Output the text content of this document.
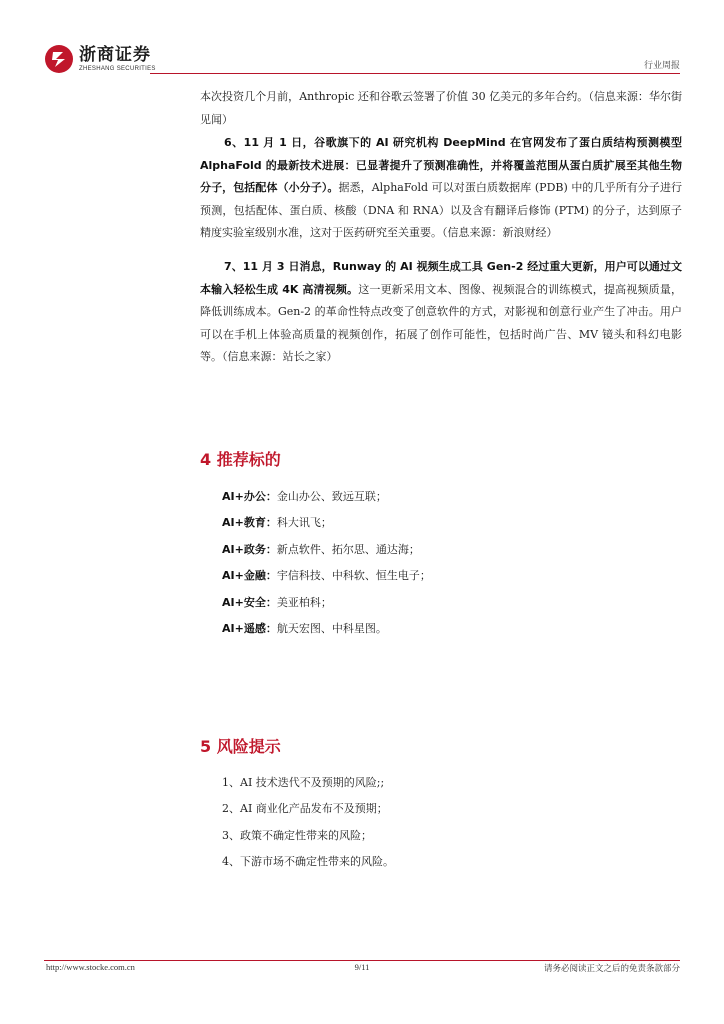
浙商证券
ZHESHANG SECURITIES	行业周报

本次投资几个月前，Anthropic 还和谷歌云签署了价值 30 亿美元的多年合约。（信息来源：华尔街见闻）

6、11 月 1 日，谷歌旗下的 AI 研究机构 DeepMind 在官网发布了蛋白质结构预测模型 AlphaFold 的最新技术进展：已显著提升了预测准确性，并将覆盖范围从蛋白质扩展至其他生物分子，包括配体（小分子）。据悉，AlphaFold 可以对蛋白质数据库 (PDB) 中的几乎所有分子进行预测，包括配体、蛋白质、核酸（DNA 和 RNA）以及含有翻译后修饰 (PTM) 的分子，达到原子精度实验室级别水准，这对于医药研究至关重要。（信息来源：新浪财经）

7、11 月 3 日消息，Runway 的 AI 视频生成工具 Gen-2 经过重大更新，用户可以通过文本输入轻松生成 4K 高清视频。这一更新采用文本、图像、视频混合的训练模式，提高视频质量，降低训练成本。Gen-2 的革命性特点改变了创意软件的方式，对影视和创意行业产生了冲击。用户可以在手机上体验高质量的视频创作，拓展了创作可能性，包括时尚广告、MV 镜头和科幻电影等。（信息来源：站长之家）

4 推荐标的
AI+办公：金山办公、致远互联；
AI+教育：科大讯飞；
AI+政务：新点软件、拓尔思、通达海；
AI+金融：宇信科技、中科软、恒生电子；
AI+安全：美亚柏科；
AI+遥感：航天宏图、中科星图。
5 风险提示
1、AI 技术迭代不及预期的风险;;
2、AI 商业化产品发布不及预期；
3、政策不确定性带来的风险；
4、下游市场不确定性带来的风险。
http://www.stocke.com.cn	9/11	请务必阅读正文之后的免责条款部分
